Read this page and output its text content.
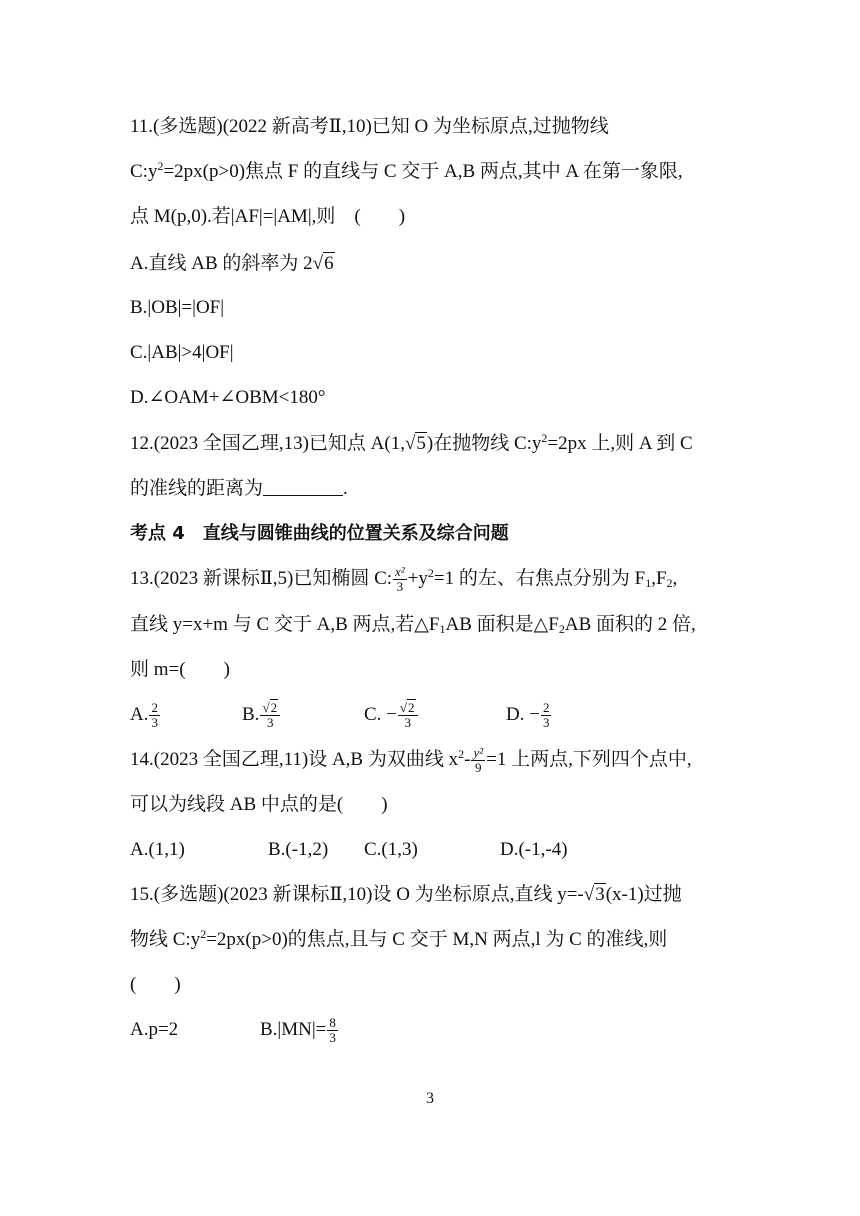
11.(多选题)(2022 新高考Ⅱ,10)已知 O 为坐标原点,过抛物线
$C:y^2=2px(p>0)$焦点 F 的直线与 C 交于 A,B 两点,其中 A 在第一象限,
点 M(p,0).若|AF|=|AM|,则　(　　)
A.直线 AB 的斜率为 2√6
B.|OB|=|OF|
C.|AB|>4|OF|
D.∠OAM+∠OBM<180°
12.(2023 全国乙理,13)已知点 A(1,√5)在抛物线 $C:y^2=2px$ 上,则 A 到 C
的准线的距离为	.
考点 4　直线与圆锥曲线的位置关系及综合问题
13.(2023 新课标Ⅱ,5)已知椭圆 C: $\frac{\text{x²}}{3} +y^2=1$ 的左、右焦点分别为 $F_1,F_2$,
直线 y=x+m 与 C 交于 A,B 两点,若$\triangle F_1AB$ 面积是$\triangle F_2AB$ 面积的 2 倍,
则 m=(　　)
A. $\frac{2}{3}$	B. $\frac{√2}{3}$	C. − $\frac{√2}{3}$	D. − $\frac{2}{3}$
14.(2023 全国乙理,11)设 A,B 为双曲线 $x^2- \frac{\text{y²}}{9} =1$ 上两点,下列四个点中,
可以为线段 AB 中点的是(　　)
A.(1,1)	B.(-1,2) C.(1,3)	D.(-1,-4)
15.(多选题)(2023 新课标Ⅱ,10)设 O 为坐标原点,直线 y=-√3(x-1)过抛
物线 $C:y^2=2px(p>0)$的焦点,且与 C 交于 M,N 两点,l 为 C 的准线,则
(　　)
A.p=2	$B.|MN|= \frac{8}{3}$
3
